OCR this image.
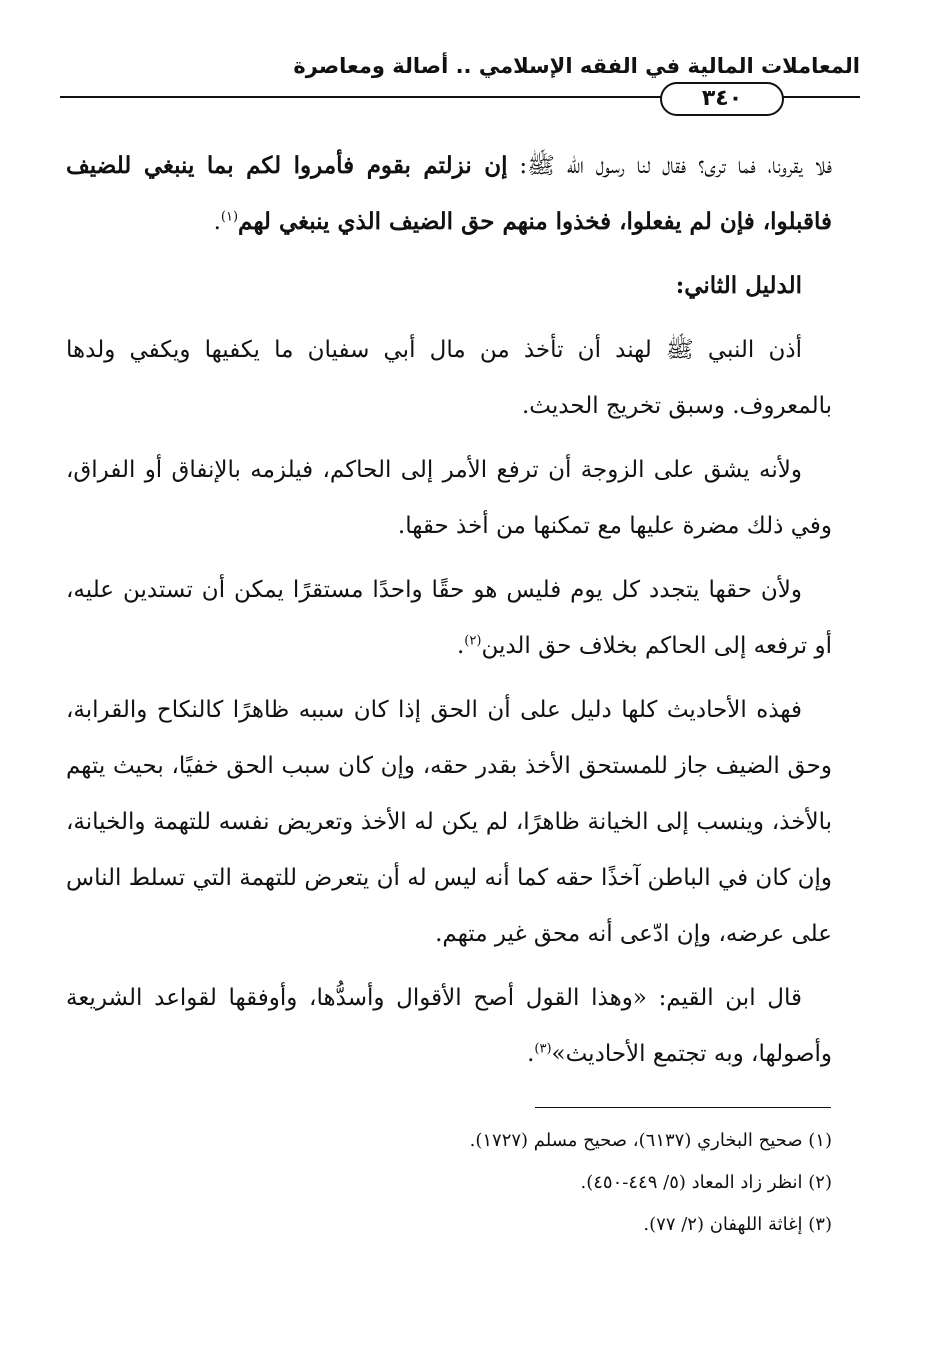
المعاملات المالية في الفقه الإسلامي .. أصالة ومعاصرة
٣٤٠

فلا يقرونا، فما ترى؟ فقال لنا رسول الله ﷺ: إن نزلتم بقوم فأمروا لكم بما ينبغي للضيف فاقبلوا، فإن لم يفعلوا، فخذوا منهم حق الضيف الذي ينبغي لهم$^{(١)}$.

الدليل الثاني:

أذن النبي ﷺ لهند أن تأخذ من مال أبي سفيان ما يكفيها ويكفي ولدها بالمعروف. وسبق تخريج الحديث.

ولأنه يشق على الزوجة أن ترفع الأمر إلى الحاكم، فيلزمه بالإنفاق أو الفراق، وفي ذلك مضرة عليها مع تمكنها من أخذ حقها.

ولأن حقها يتجدد كل يوم فليس هو حقًا واحدًا مستقرًا يمكن أن تستدين عليه، أو ترفعه إلى الحاكم بخلاف حق الدين$^{(٢)}$.

فهذه الأحاديث كلها دليل على أن الحق إذا كان سببه ظاهرًا كالنكاح والقرابة، وحق الضيف جاز للمستحق الأخذ بقدر حقه، وإن كان سبب الحق خفيًا، بحيث يتهم بالأخذ، وينسب إلى الخيانة ظاهرًا، لم يكن له الأخذ وتعريض نفسه للتهمة والخيانة، وإن كان في الباطن آخذًا حقه كما أنه ليس له أن يتعرض للتهمة التي تسلط الناس على عرضه، وإن ادّعى أنه محق غير متهم.

قال ابن القيم: «وهذا القول أصح الأقوال وأسدُّها، وأوفقها لقواعد الشريعة وأصولها، وبه تجتمع الأحاديث»$^{(٣)}$.

(١) صحيح البخاري (٦١٣٧)، صحيح مسلم (١٧٢٧).

(٢) انظر زاد المعاد (٥/ ٤٤٩-٤٥٠).

(٣) إغاثة اللهفان (٢/ ٧٧).
